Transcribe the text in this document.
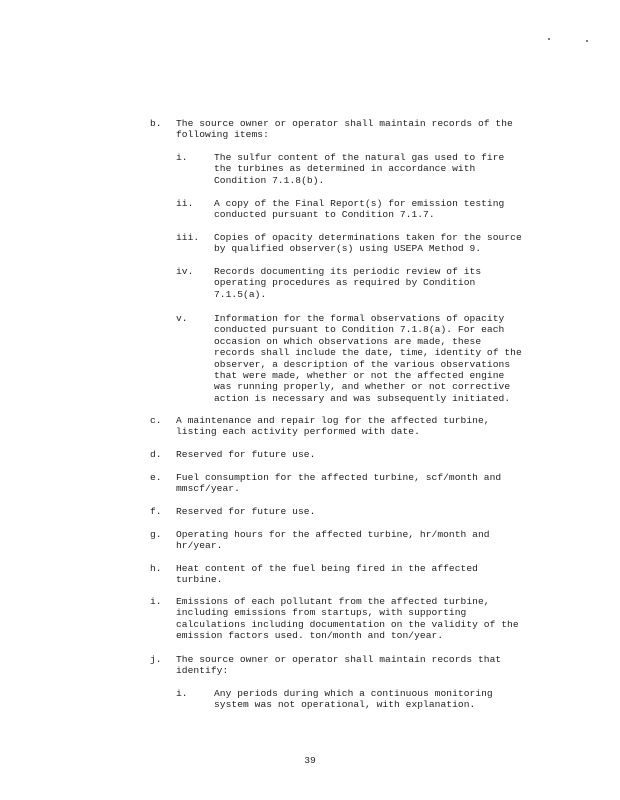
b. The source owner or operator shall maintain records of the
following items:
i.	The sulfur content of the natural gas used to fire
the turbines as determined in accordance with
Condition 7.1.8(b).
ii. A copy of the Final Report(s) for emission testing
conducted pursuant to Condition 7.1.7.
iii. Copies of opacity determinations taken for the source
by qualified observer(s) using USEPA Method 9.
iv. Records documenting its periodic review of its
operating procedures as required by Condition
7.1.5(a).
v.	Information for the formal observations of opacity
conducted pursuant to Condition 7.1.8(a). For each
occasion on which observations are made, these
records shall include the date, time, identity of the
observer, a description of the various observations
that were made, whether or not the affected engine
was running properly, and whether or not corrective
action is necessary and was subsequently initiated.
c. A maintenance and repair log for the affected turbine,
listing each activity performed with date.
d. Reserved for future use.
e. Fuel consumption for the affected turbine, scf/month and
mmscf/year.
f. Reserved for future use.
g. Operating hours for the affected turbine, hr/month and
hr/year.
h. Heat content of the fuel being fired in the affected
turbine.
i. Emissions of each pollutant from the affected turbine,
including emissions from startups, with supporting
calculations including documentation on the validity of the
emission factors used. ton/month and ton/year.
j. The source owner or operator shall maintain records that
identify:
i.	Any periods during which a continuous monitoring
system was not operational, with explanation.
39
